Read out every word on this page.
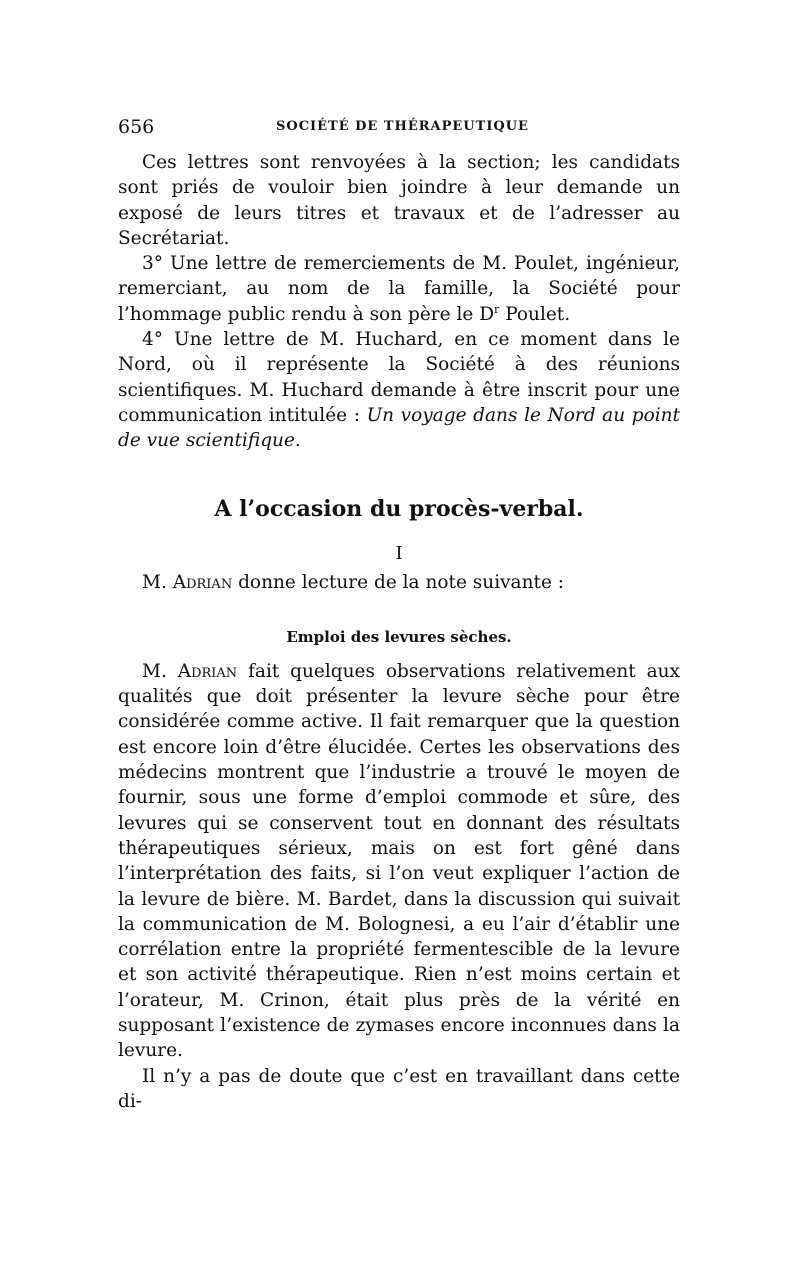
656	SOCIÉTÉ DE THÉRAPEUTIQUE

Ces lettres sont renvoyées à la section; les candidats sont priés de vouloir bien joindre à leur demande un exposé de leurs titres et travaux et de l’adresser au Secrétariat.

3° Une lettre de remerciements de M. Poulet, ingénieur, remerciant, au nom de la famille, la Société pour l’hommage public rendu à son père le $D^r$ Poulet.

4° Une lettre de M. Huchard, en ce moment dans le Nord, où il représente la Société à des réunions scientifiques. M. Huchard demande à être inscrit pour une communication intitulée : Un voyage dans le Nord au point de vue scientifique.

A l’occasion du procès-verbal.
I

M. Adrian donne lecture de la note suivante :

Emploi des levures sèches.

M. Adrian fait quelques observations relativement aux qualités que doit présenter la levure sèche pour être considérée comme active. Il fait remarquer que la question est encore loin d’être élucidée. Certes les observations des médecins montrent que l’industrie a trouvé le moyen de fournir, sous une forme d’emploi commode et sûre, des levures qui se conservent tout en donnant des résultats thérapeutiques sérieux, mais on est fort gêné dans l’interprétation des faits, si l’on veut expliquer l’action de la levure de bière. M. Bardet, dans la discussion qui suivait la communication de M. Bolognesi, a eu l’air d’établir une corrélation entre la propriété fermentescible de la levure et son activité thérapeutique. Rien n’est moins certain et l’orateur, M. Crinon, était plus près de la vérité en supposant l’existence de zymases encore inconnues dans la levure.

Il n’y a pas de doute que c’est en travaillant dans cette di-
